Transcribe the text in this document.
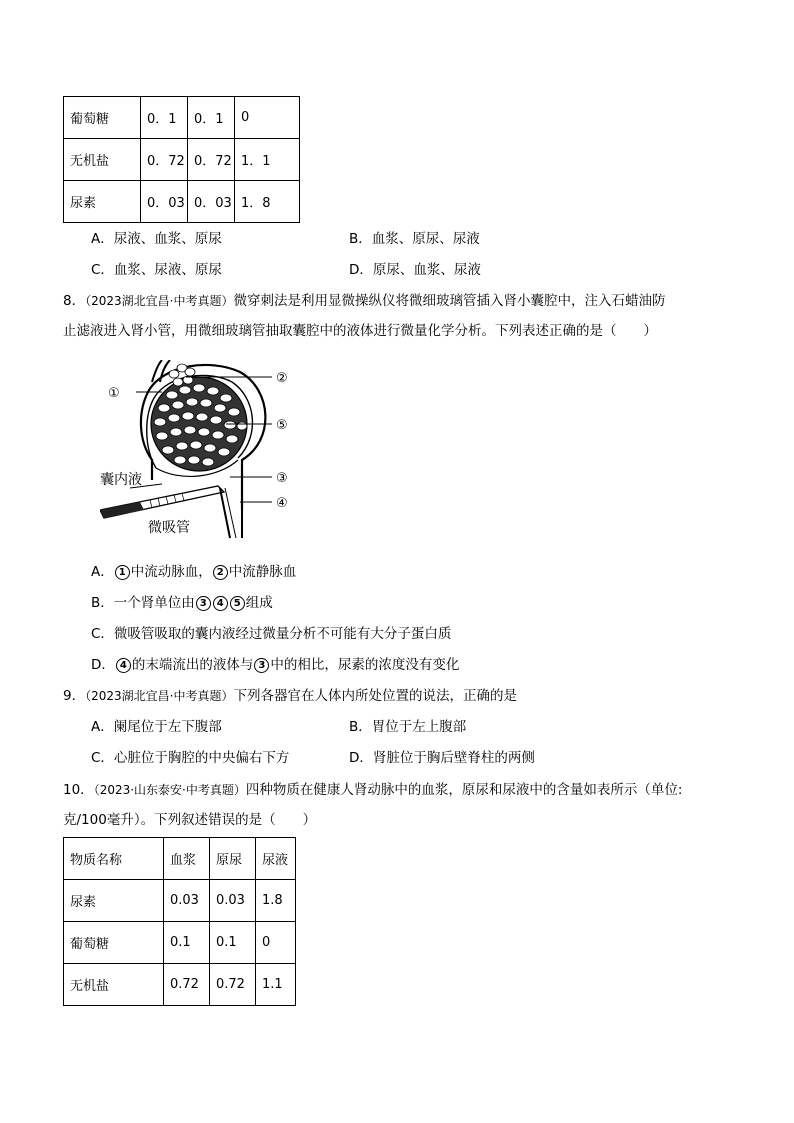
葡萄糖	0．1	0．1	0
无机盐	0．72	0．72	1．1
尿素	0．03	0．03	1．8
A．尿液、血浆、原尿	B．血浆、原尿、尿液
C．血浆、尿液、原尿	D．原尿、血浆、尿液
8．（2023湖北宜昌·中考真题）微穿刺法是利用显微操纵仪将微细玻璃管插入肾小囊腔中，注入石蜡油防
止滤液进入肾小管，用微细玻璃管抽取囊腔中的液体进行微量化学分析。下列表述正确的是（　　）
①
②
⑤
③
④
囊内液
微吸管
A． 1 中流动脉血， 2 中流静脉血
B．一个肾单位由 3 4 5 组成
C．微吸管吸取的囊内液经过微量分析不可能有大分子蛋白质
D． 4 的末端流出的液体与 3 中的相比，尿素的浓度没有变化
9．（2023湖北宜昌·中考真题）下列各器官在人体内所处位置的说法，正确的是
A．阑尾位于左下腹部	B．胃位于左上腹部
C．心脏位于胸腔的中央偏右下方	D．肾脏位于胸后壁脊柱的两侧
10．（2023·山东泰安·中考真题）四种物质在健康人肾动脉中的血浆，原尿和尿液中的含量如表所示（单位:
克/100毫升）。下列叙述错误的是（　　）
物质名称	血浆	原尿	尿液
尿素	0.03	0.03	1.8
葡萄糖	0.1	0.1	0
无机盐	0.72	0.72	1.1
